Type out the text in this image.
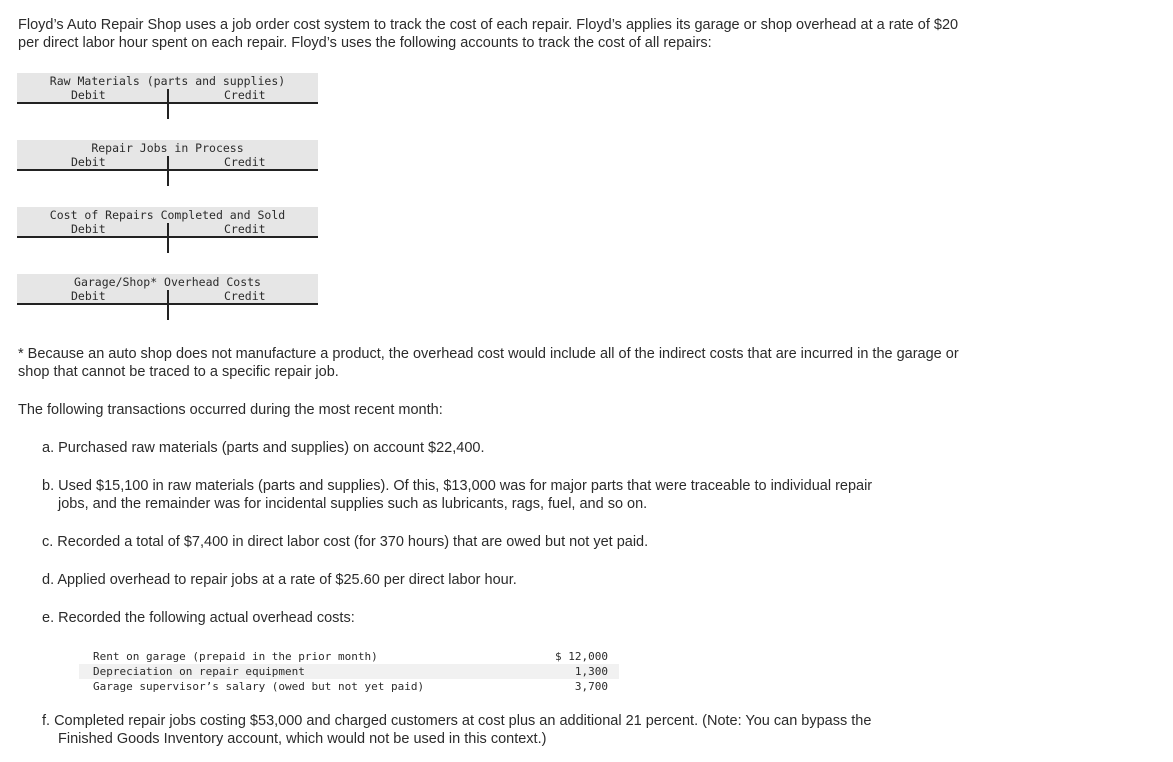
Floyd’s Auto Repair Shop uses a job order cost system to track the cost of each repair. Floyd’s applies its garage or shop overhead at a rate of $20 per direct labor hour spent on each repair. Floyd’s uses the following accounts to track the cost of all repairs:

Raw Materials (parts and supplies)
Debit	Credit
Repair Jobs in Process
Debit	Credit
Cost of Repairs Completed and Sold
Debit	Credit
Garage/Shop* Overhead Costs
Debit	Credit

* Because an auto shop does not manufacture a product, the overhead cost would include all of the indirect costs that are incurred in the garage or shop that cannot be traced to a specific repair job.

The following transactions occurred during the most recent month:

a. Purchased raw materials (parts and supplies) on account $22,400.

b. Used $15,100 in raw materials (parts and supplies). Of this, $13,000 was for major parts that were traceable to individual repair
jobs, and the remainder was for incidental supplies such as lubricants, rags, fuel, and so on.

c. Recorded a total of $7,400 in direct labor cost (for 370 hours) that are owed but not yet paid.

d. Applied overhead to repair jobs at a rate of $25.60 per direct labor hour.

e. Recorded the following actual overhead costs:

Rent on garage (prepaid in the prior month)	$ 12,000
Depreciation on repair equipment	1,300
Garage supervisor’s salary (owed but not yet paid)	3,700

f. Completed repair jobs costing $53,000 and charged customers at cost plus an additional 21 percent. (Note: You can bypass the
Finished Goods Inventory account, which would not be used in this context.)
